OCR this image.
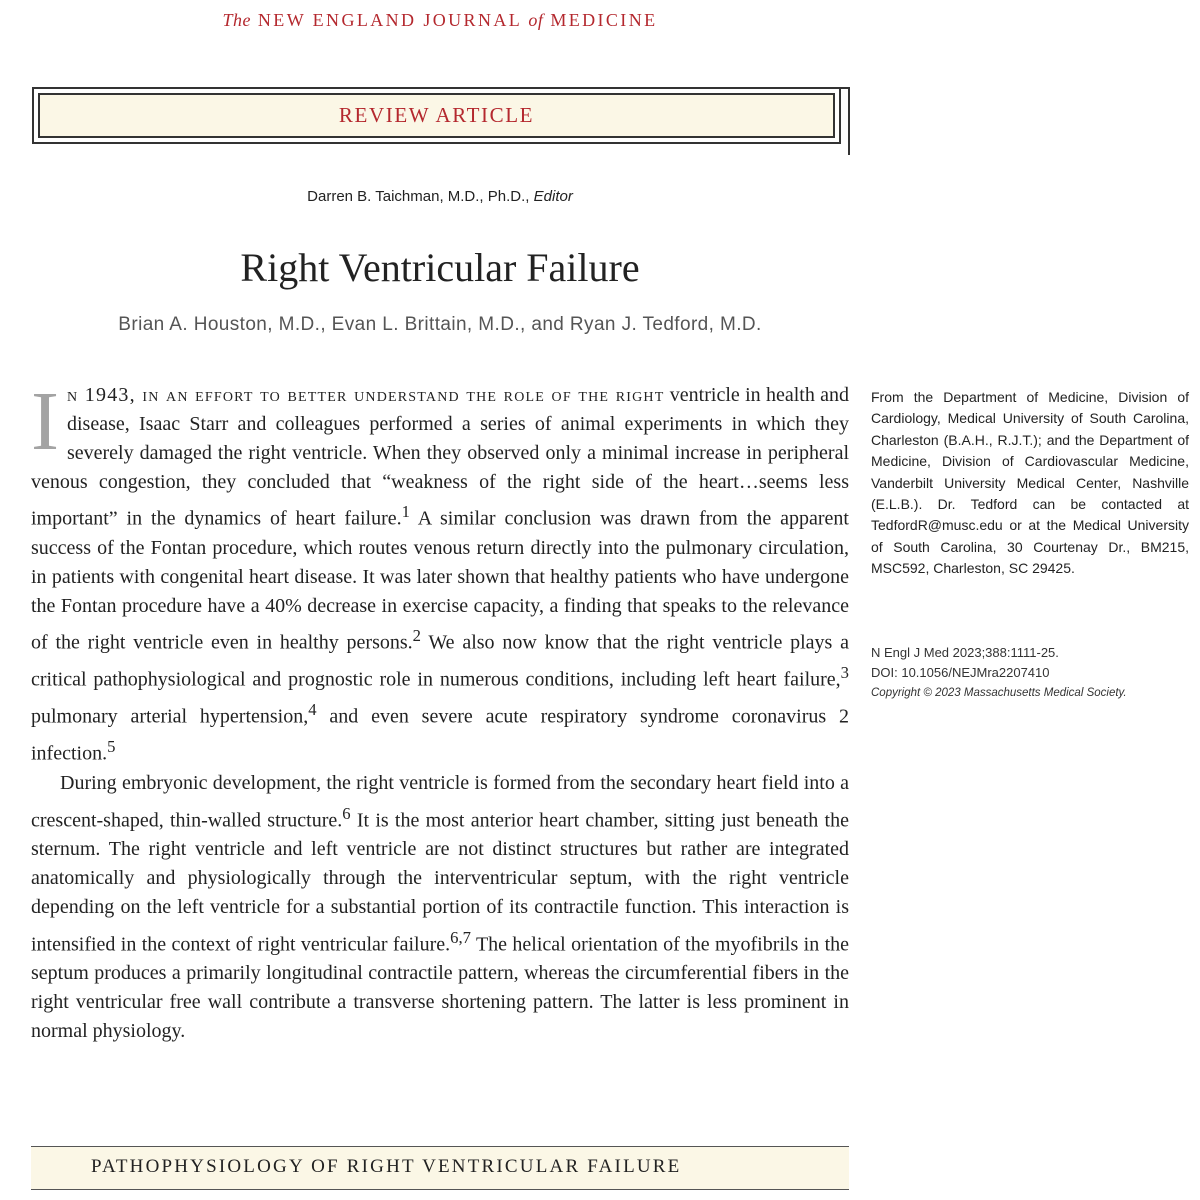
The NEW ENGLAND JOURNAL of MEDICINE
REVIEW ARTICLE
Darren B. Taichman, M.D., Ph.D., Editor
Right Ventricular Failure
Brian A. Houston, M.D., Evan L. Brittain, M.D., and Ryan J. Tedford, M.D.

In 1943, in an effort to better understand the role of the right ventricle in health and disease, Isaac Starr and colleagues performed a series of animal experiments in which they severely damaged the right ventricle. When they observed only a minimal increase in peripheral venous congestion, they concluded that “weakness of the right side of the heart…seems less important” in the dynamics of heart failure.$^1$ A similar conclusion was drawn from the apparent success of the Fontan procedure, which routes venous return directly into the pulmonary circulation, in patients with congenital heart disease. It was later shown that healthy patients who have undergone the Fontan procedure have a 40% decrease in exercise capacity, a finding that speaks to the relevance of the right ventricle even in healthy persons.$^2$ We also now know that the right ventricle plays a critical pathophysiological and prognostic role in numerous conditions, including left heart failure,$^3$ pulmonary arterial hypertension,$^4$ and even severe acute respiratory syndrome coronavirus 2 infection.$^5$

During embryonic development, the right ventricle is formed from the secondary heart field into a crescent-shaped, thin-walled structure.$^6$ It is the most anterior heart chamber, sitting just beneath the sternum. The right ventricle and left ventricle are not distinct structures but rather are integrated anatomically and physiologically through the interventricular septum, with the right ventricle depending on the left ventricle for a substantial portion of its contractile function. This interaction is intensified in the context of right ventricular failure.$^{6,7}$ The helical orientation of the myofibrils in the septum produces a primarily longitudinal contractile pattern, whereas the circumferential fibers in the right ventricular free wall contribute a transverse shortening pattern. The latter is less prominent in normal physiology.

From the Department of Medicine, Division of Cardiology, Medical University of South Carolina, Charleston (B.A.H., R.J.T.); and the Department of Medicine, Division of Cardiovascular Medicine, Vanderbilt University Medical Center, Nashville (E.L.B.). Dr. Tedford can be contacted at TedfordR@musc.edu or at the Medical University of South Carolina, 30 Courtenay Dr., BM215, MSC592, Charleston, SC 29425.
N Engl J Med 2023;388:1111-25.
DOI: 10.1056/NEJMra2207410
Copyright © 2023 Massachusetts Medical Society.
PATHOPHYSIOLOGY OF RIGHT VENTRICULAR FAILURE
